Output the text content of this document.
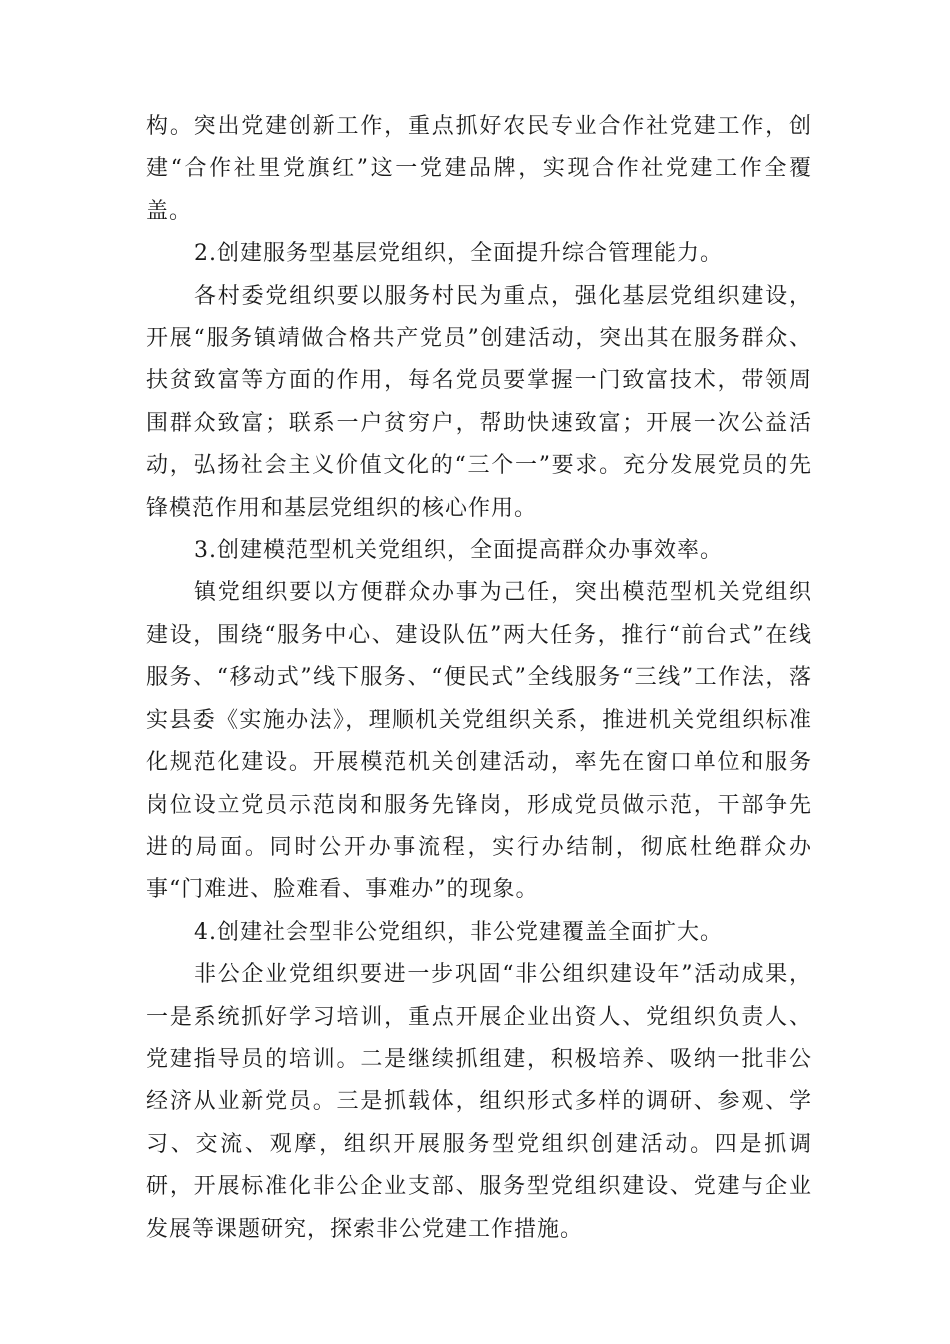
构。突出党建创新工作，重点抓好农民专业合作社党建工作，创建“合作社里党旗红”这一党建品牌，实现合作社党建工作全覆盖。

2.创建服务型基层党组织，全面提升综合管理能力。

各村委党组织要以服务村民为重点，强化基层党组织建设，开展“服务镇靖做合格共产党员”创建活动，突出其在服务群众、扶贫致富等方面的作用，每名党员要掌握一门致富技术，带领周围群众致富；联系一户贫穷户，帮助快速致富；开展一次公益活动，弘扬社会主义价值文化的“三个一”要求。充分发展党员的先锋模范作用和基层党组织的核心作用。

3.创建模范型机关党组织，全面提高群众办事效率。

镇党组织要以方便群众办事为己任，突出模范型机关党组织建设，围绕“服务中心、建设队伍”两大任务，推行“前台式”在线服务、“移动式”线下服务、“便民式”全线服务“三线”工作法，落实县委《实施办法》，理顺机关党组织关系，推进机关党组织标准化规范化建设。开展模范机关创建活动，率先在窗口单位和服务岗位设立党员示范岗和服务先锋岗，形成党员做示范，干部争先进的局面。同时公开办事流程，实行办结制，彻底杜绝群众办事“门难进、脸难看、事难办”的现象。

4.创建社会型非公党组织，非公党建覆盖全面扩大。

非公企业党组织要进一步巩固“非公组织建设年”活动成果，一是系统抓好学习培训，重点开展企业出资人、党组织负责人、党建指导员的培训。二是继续抓组建，积极培养、吸纳一批非公经济从业新党员。三是抓载体，组织形式多样的调研、参观、学习、交流、观摩，组织开展服务型党组织创建活动。四是抓调研，开展标准化非公企业支部、服务型党组织建设、党建与企业发展等课题研究，探索非公党建工作措施。
